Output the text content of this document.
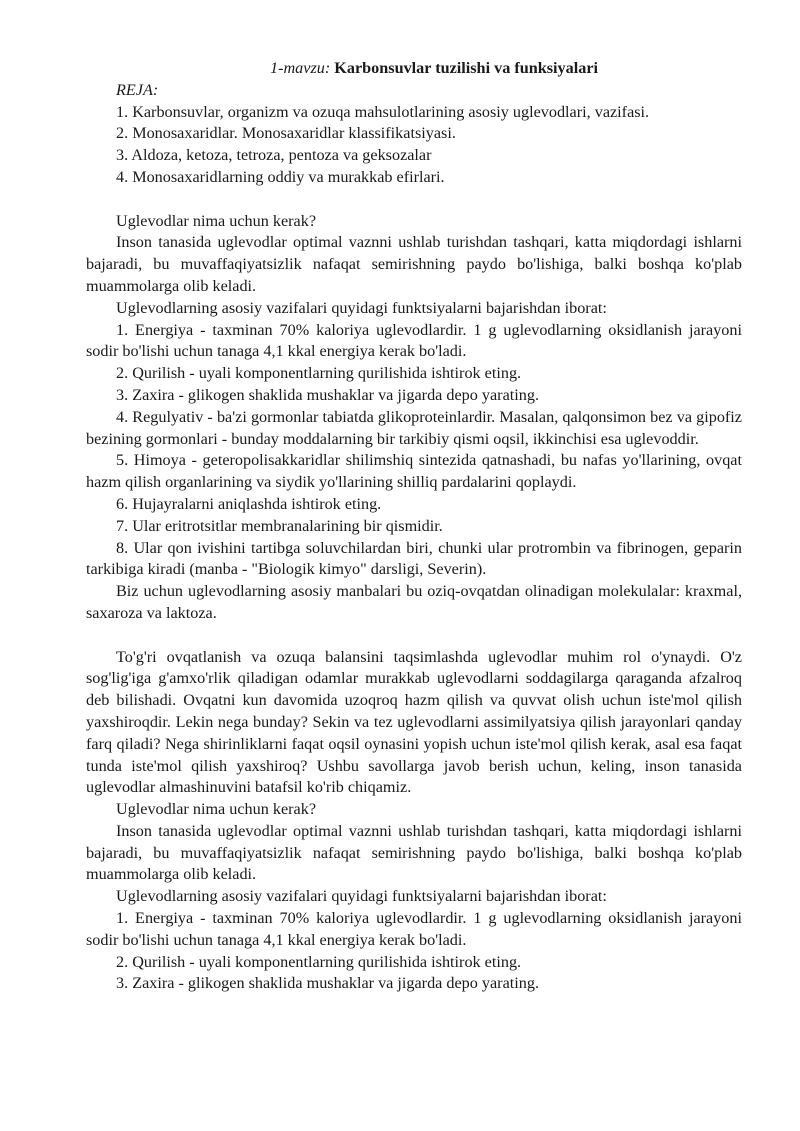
1-mavzu: Karbonsuvlar tuzilishi va funksiyalari

REJA:

1. Karbonsuvlar, organizm va ozuqa mahsulotlarining asosiy uglevodlari, vazifasi.

2. Monosaxaridlar. Monosaxaridlar klassifikatsiyasi.

3. Aldoza, ketoza, tetroza, pentoza va geksozalar

4. Monosaxaridlarning oddiy va murakkab efirlari.

Uglevodlar nima uchun kerak?

Inson tanasida uglevodlar optimal vaznni ushlab turishdan tashqari, katta miqdordagi ishlarni bajaradi, bu muvaffaqiyatsizlik nafaqat semirishning paydo bo'lishiga, balki boshqa ko'plab muammolarga olib keladi.

Uglevodlarning asosiy vazifalari quyidagi funktsiyalarni bajarishdan iborat:

1. Energiya - taxminan 70% kaloriya uglevodlardir. 1 g uglevodlarning oksidlanish jarayoni sodir bo'lishi uchun tanaga 4,1 kkal energiya kerak bo'ladi.

2. Qurilish - uyali komponentlarning qurilishida ishtirok eting.

3. Zaxira - glikogen shaklida mushaklar va jigarda depo yarating.

4. Regulyativ - ba'zi gormonlar tabiatda glikoproteinlardir. Masalan, qalqonsimon bez va gipofiz bezining gormonlari - bunday moddalarning bir tarkibiy qismi oqsil, ikkinchisi esa uglevoddir.

5. Himoya - geteropolisakkaridlar shilimshiq sintezida qatnashadi, bu nafas yo'llarining, ovqat hazm qilish organlarining va siydik yo'llarining shilliq pardalarini qoplaydi.

6. Hujayralarni aniqlashda ishtirok eting.

7. Ular eritrotsitlar membranalarining bir qismidir.

8. Ular qon ivishini tartibga soluvchilardan biri, chunki ular protrombin va fibrinogen, geparin tarkibiga kiradi (manba - "Biologik kimyo" darsligi, Severin).

Biz uchun uglevodlarning asosiy manbalari bu oziq-ovqatdan olinadigan molekulalar: kraxmal, saxaroza va laktoza.

To'g'ri ovqatlanish va ozuqa balansini taqsimlashda uglevodlar muhim rol o'ynaydi. O'z sog'lig'iga g'amxo'rlik qiladigan odamlar murakkab uglevodlarni soddagilarga qaraganda afzalroq deb bilishadi. Ovqatni kun davomida uzoqroq hazm qilish va quvvat olish uchun iste'mol qilish yaxshiroqdir. Lekin nega bunday? Sekin va tez uglevodlarni assimilyatsiya qilish jarayonlari qanday farq qiladi? Nega shirinliklarni faqat oqsil oynasini yopish uchun iste'mol qilish kerak, asal esa faqat tunda iste'mol qilish yaxshiroq? Ushbu savollarga javob berish uchun, keling, inson tanasida uglevodlar almashinuvini batafsil ko'rib chiqamiz.

Uglevodlar nima uchun kerak?

Inson tanasida uglevodlar optimal vaznni ushlab turishdan tashqari, katta miqdordagi ishlarni bajaradi, bu muvaffaqiyatsizlik nafaqat semirishning paydo bo'lishiga, balki boshqa ko'plab muammolarga olib keladi.

Uglevodlarning asosiy vazifalari quyidagi funktsiyalarni bajarishdan iborat:

1. Energiya - taxminan 70% kaloriya uglevodlardir. 1 g uglevodlarning oksidlanish jarayoni sodir bo'lishi uchun tanaga 4,1 kkal energiya kerak bo'ladi.

2. Qurilish - uyali komponentlarning qurilishida ishtirok eting.

3. Zaxira - glikogen shaklida mushaklar va jigarda depo yarating.
